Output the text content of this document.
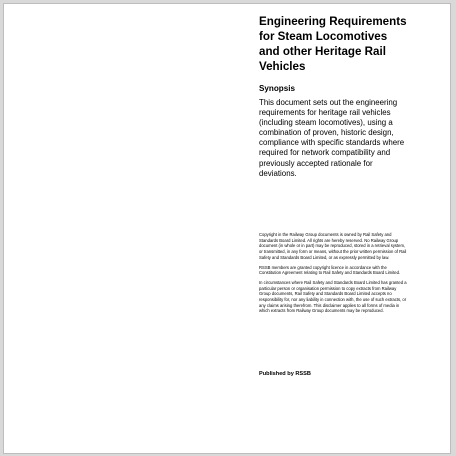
Engineering Requirements for Steam Locomotives and other Heritage Rail Vehicles
Synopsis

This document sets out the engineering requirements for heritage rail vehicles (including steam locomotives), using a combination of proven, historic design, compliance with specific standards where required for network compatibility and previously accepted rationale for deviations.

Copyright in the Railway Group documents is owned by Rail Safety and Standards Board Limited. All rights are hereby reserved. No Railway Group document (in whole or in part) may be reproduced, stored in a retrieval system, or transmitted, in any form or means, without the prior written permission of Rail Safety and Standards Board Limited, or as expressly permitted by law.

RSSB members are granted copyright licence in accordance with the Constitution Agreement relating to Rail Safety and Standards Board Limited.

In circumstances where Rail Safety and Standards Board Limited has granted a particular person or organisation permission to copy extracts from Railway Group documents, Rail Safety and Standards Board Limited accepts no responsibility for, nor any liability in connection with, the use of such extracts, or any claims arising therefrom. This disclaimer applies to all forms of media in which extracts from Railway Group documents may be reproduced.

Published by RSSB
